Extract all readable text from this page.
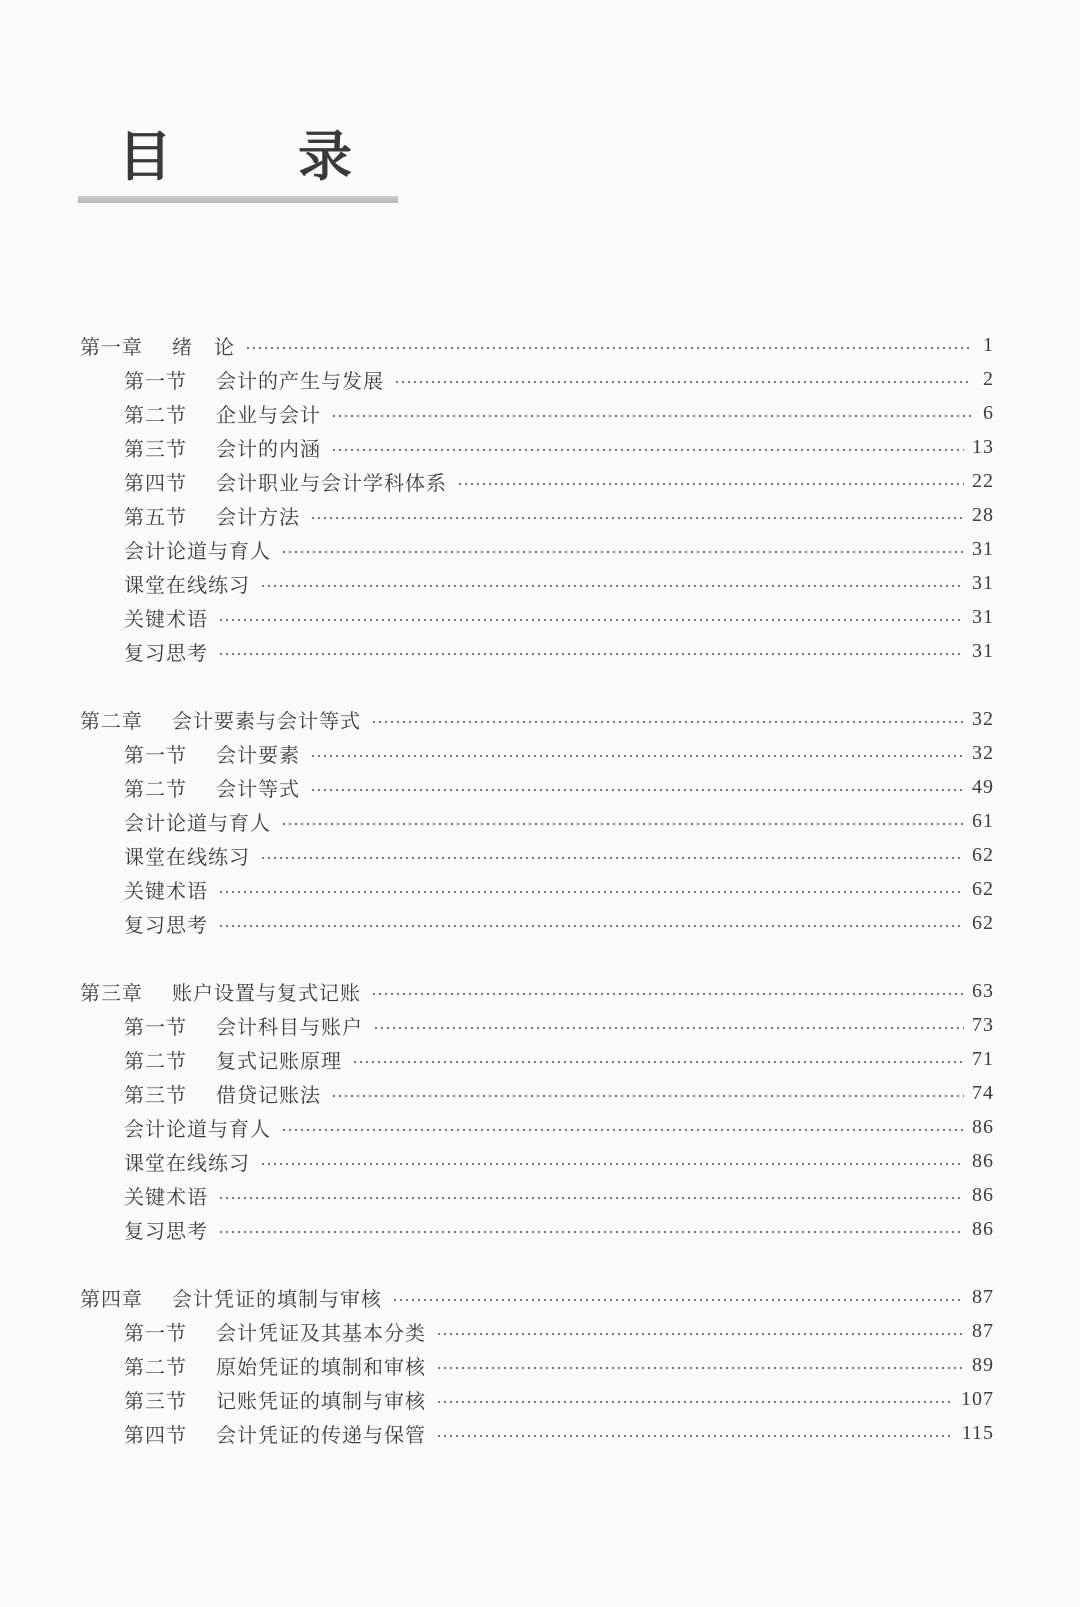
目 录
第一章	绪　论	1
第一节	会计的产生与发展	2
第二节	企业与会计	6
第三节	会计的内涵	13
第四节	会计职业与会计学科体系	22
第五节	会计方法	28
会计论道与育人	31
课堂在线练习	31
关键术语	31
复习思考	31
第二章	会计要素与会计等式	32
第一节	会计要素	32
第二节	会计等式	49
会计论道与育人	61
课堂在线练习	62
关键术语	62
复习思考	62
第三章	账户设置与复式记账	63
第一节	会计科目与账户	73
第二节	复式记账原理	71
第三节	借贷记账法	74
会计论道与育人	86
课堂在线练习	86
关键术语	86
复习思考	86
第四章	会计凭证的填制与审核	87
第一节	会计凭证及其基本分类	87
第二节	原始凭证的填制和审核	89
第三节	记账凭证的填制与审核	107
第四节	会计凭证的传递与保管	115
